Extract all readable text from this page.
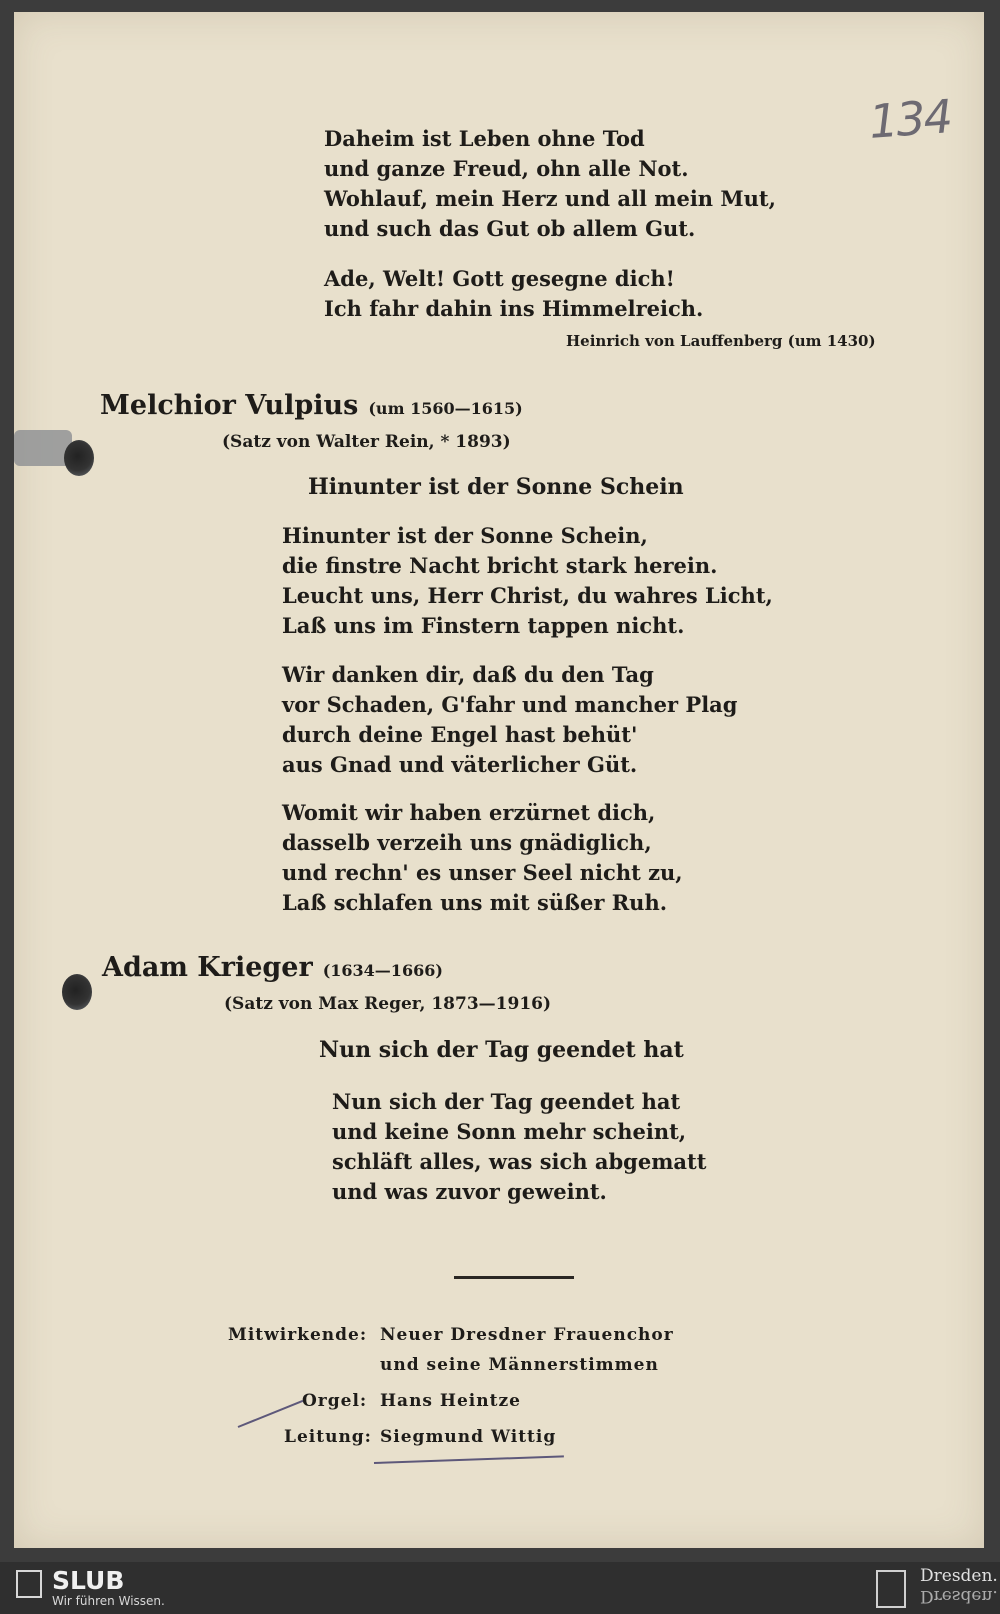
134
Daheim ist Leben ohne Tod
und ganze Freud, ohn alle Not.
Wohlauf, mein Herz und all mein Mut,
und such das Gut ob allem Gut.
Ade, Welt! Gott gesegne dich!
Ich fahr dahin ins Himmelreich.
Heinrich von Lauffenberg (um 1430)
Melchior Vulpius (um 1560—1615)
(Satz von Walter Rein, * 1893)
Hinunter ist der Sonne Schein
Hinunter ist der Sonne Schein,
die finstre Nacht bricht stark herein.
Leucht uns, Herr Christ, du wahres Licht,
Laß uns im Finstern tappen nicht.
Wir danken dir, daß du den Tag
vor Schaden, G'fahr und mancher Plag
durch deine Engel hast behüt'
aus Gnad und väterlicher Güt.
Womit wir haben erzürnet dich,
dasselb verzeih uns gnädiglich,
und rechn' es unser Seel nicht zu,
Laß schlafen uns mit süßer Ruh.
Adam Krieger (1634—1666)
(Satz von Max Reger, 1873—1916)
Nun sich der Tag geendet hat
Nun sich der Tag geendet hat
und keine Sonn mehr scheint,
schläft alles, was sich abgematt
und was zuvor geweint.
Mitwirkende: Neuer Dresdner Frauenchor
und seine Männerstimmen
Orgel: Hans Heintze
Leitung: Siegmund Wittig
SLUB
Wir führen Wissen.
Dresden.
Dresden.
